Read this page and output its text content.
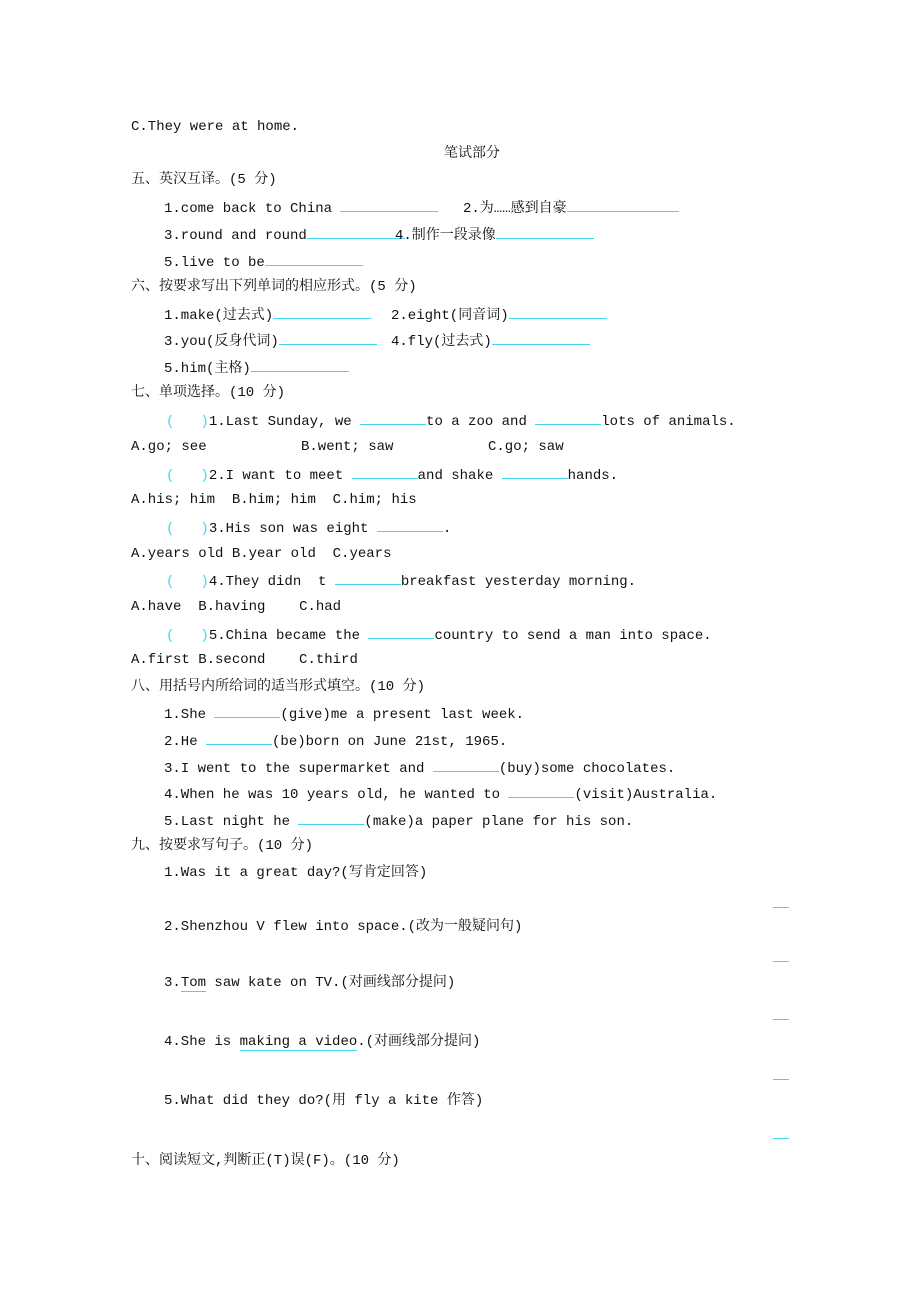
C.They were at home.
笔试部分
五、英汉互译。(5 分)
1.come back to China	2.为……感到自豪
3.round and round	4.制作一段录像
5.live to be
六、按要求写出下列单词的相应形式。(5 分)
1.make(过去式)	2.eight(同音词)
3.you(反身代词)	4.fly(过去式)
5.him(主格)
七、单项选择。(10 分)
( )1.Last Sunday, we	to a zoo and	lots of animals.
A.go; see	B.went; saw	C.go; saw
( )2.I want to meet	and shake	hands.
A.his; him B.him; him C.him; his
( )3.His son was eight	.
A.years old B.year old C.years
( )4.They didn  t	breakfast yesterday morning.
A.have B.having C.had
( )5.China became the	country to send a man into space.
A.first B.second C.third
八、用括号内所给词的适当形式填空。(10 分)
1.She	(give)me a present last week.
2.He	(be)born on June 21st, 1965.
3.I went to the supermarket and	(buy)some chocolates.
4.When he was 10 years old, he wanted to	(visit)Australia.
5.Last night he	(make)a paper plane for his son.
九、按要求写句子。(10 分)
1.Was it a great day?(写肯定回答)
2.Shenzhou V flew into space.(改为一般疑问句)
3.Tom saw kate on TV.(对画线部分提问)
4.She is making a video.(对画线部分提问)
5.What did they do?(用 fly a kite 作答)
十、阅读短文,判断正(T)误(F)。(10 分)
